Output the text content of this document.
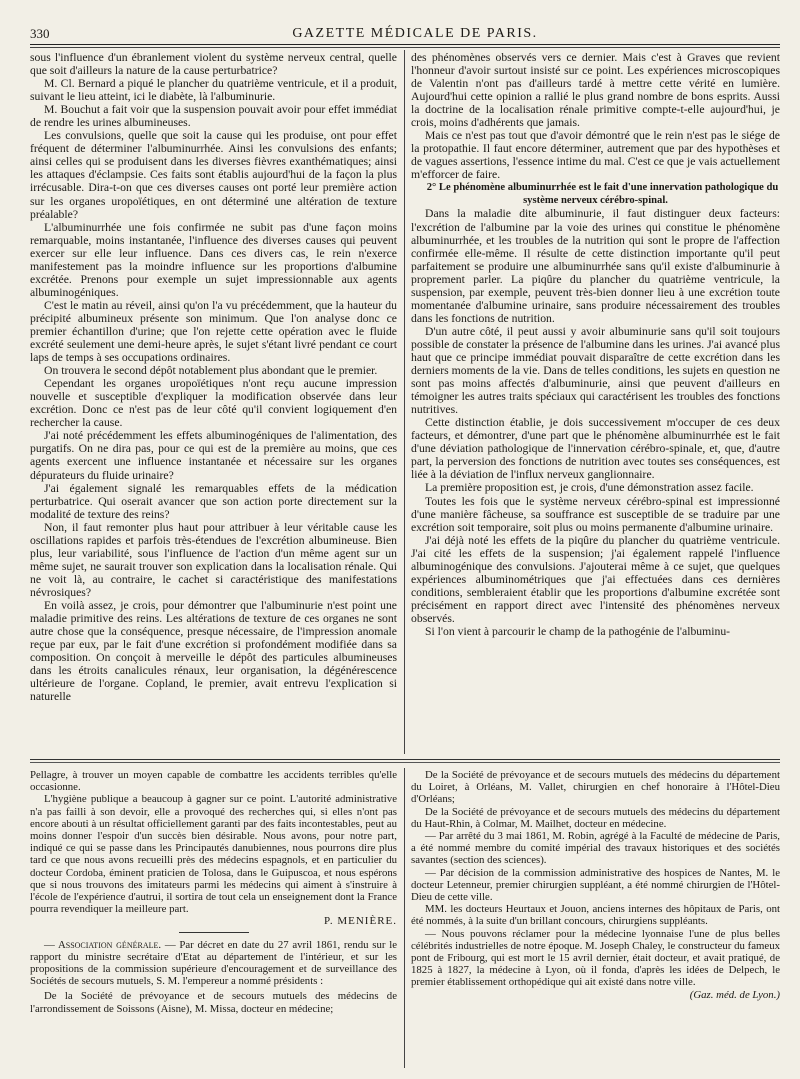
330	GAZETTE MÉDICALE DE PARIS.

sous l'influence d'un ébranlement violent du système nerveux central, quelle que soit d'ailleurs la nature de la cause perturbatrice?

M. Cl. Bernard a piqué le plancher du quatrième ventricule, et il a produit, suivant le lieu atteint, ici le diabète, là l'albuminurie.

M. Bouchut a fait voir que la suspension pouvait avoir pour effet immédiat de rendre les urines albumineuses.

Les convulsions, quelle que soit la cause qui les produise, ont pour effet fréquent de déterminer l'albuminurrhée. Ainsi les convulsions des enfants; ainsi celles qui se produisent dans les diverses fièvres exanthématiques; ainsi les attaques d'éclampsie. Ces faits sont établis aujourd'hui de la façon la plus irrécusable. Dira-t-on que ces diverses causes ont porté leur première action sur les organes uropoïétiques, en ont déterminé une altération de texture préalable?

L'albuminurrhée une fois confirmée ne subit pas d'une façon moins remarquable, moins instantanée, l'influence des diverses causes qui peuvent exercer sur elle leur influence. Dans ces divers cas, le rein n'exerce manifestement pas la moindre influence sur les proportions d'albumine excrétée. Prenons pour exemple un sujet impressionnable aux agents albuminogéniques.

C'est le matin au réveil, ainsi qu'on l'a vu précédemment, que la hauteur du précipité albumineux présente son minimum. Que l'on analyse donc ce premier échantillon d'urine; que l'on rejette cette opération avec le fluide excrété seulement une demi-heure après, le sujet s'étant livré pendant ce court laps de temps à ses occupations ordinaires.

On trouvera le second dépôt notablement plus abondant que le premier.

Cependant les organes uropoïétiques n'ont reçu aucune impression nouvelle et susceptible d'expliquer la modification observée dans leur excrétion. Donc ce n'est pas de leur côté qu'il convient logiquement d'en rechercher la cause.

J'ai noté précédemment les effets albuminogéniques de l'alimentation, des purgatifs. On ne dira pas, pour ce qui est de la première au moins, que ces agents exercent une influence instantanée et nécessaire sur les organes dépurateurs du fluide urinaire?

J'ai également signalé les remarquables effets de la médication perturbatrice. Qui oserait avancer que son action porte directement sur la modalité de texture des reins?

Non, il faut remonter plus haut pour attribuer à leur véritable cause les oscillations rapides et parfois très-étendues de l'excrétion albumineuse. Bien plus, leur variabilité, sous l'influence de l'action d'un même agent sur un même sujet, ne saurait trouver son explication dans la localisation rénale. Qui ne voit là, au contraire, le cachet si caractéristique des manifestations névrosiques?

En voilà assez, je crois, pour démontrer que l'albuminurie n'est point une maladie primitive des reins. Les altérations de texture de ces organes ne sont autre chose que la conséquence, presque nécessaire, de l'impression anomale reçue par eux, par le fait d'une excrétion si profondément modifiée dans sa composition. On conçoit à merveille le dépôt des particules albumineuses dans les étroits canalicules rénaux, leur organisation, la dégénérescence ultérieure de l'organe. Copland, le premier, avait entrevu l'explication si naturelle

des phénomènes observés vers ce dernier. Mais c'est à Graves que revient l'honneur d'avoir surtout insisté sur ce point. Les expériences microscopiques de Valentin n'ont pas d'ailleurs tardé à mettre cette vérité en lumière. Aujourd'hui cette opinion a rallié le plus grand nombre de bons esprits. Aussi la doctrine de la localisation rénale primitive compte-t-elle aujourd'hui, je crois, moins d'adhérents que jamais.

Mais ce n'est pas tout que d'avoir démontré que le rein n'est pas le siége de la protopathie. Il faut encore déterminer, autrement que par des hypothèses et de vagues assertions, l'essence intime du mal. C'est ce que je vais actuellement m'efforcer de faire.

2° Le phénomène albuminurrhée est le fait d'une innervation pathologique du système nerveux cérébro-spinal.

Dans la maladie dite albuminurie, il faut distinguer deux facteurs: l'excrétion de l'albumine par la voie des urines qui constitue le phénomène albuminurrhée, et les troubles de la nutrition qui sont le propre de l'affection confirmée elle-même. Il résulte de cette distinction importante qu'il peut parfaitement se produire une albuminurrhée sans qu'il existe d'albuminurie à proprement parler. La piqûre du plancher du quatrième ventricule, la suspension, par exemple, peuvent très-bien donner lieu à une excrétion toute momentanée d'albumine urinaire, sans produire nécessairement des troubles dans les fonctions de nutrition.

D'un autre côté, il peut aussi y avoir albuminurie sans qu'il soit toujours possible de constater la présence de l'albumine dans les urines. J'ai avancé plus haut que ce principe immédiat pouvait disparaître de cette excrétion dans les derniers moments de la vie. Dans de telles conditions, les sujets en question ne sont pas moins affectés d'albuminurie, ainsi que peuvent d'ailleurs en témoigner les autres traits spéciaux qui caractérisent les troubles des fonctions nutritives.

Cette distinction établie, je dois successivement m'occuper de ces deux facteurs, et démontrer, d'une part que le phénomène albuminurrhée est le fait d'une déviation pathologique de l'innervation cérébro-spinale, et, que, d'autre part, la perversion des fonctions de nutrition avec toutes ses conséquences, est liée à la déviation de l'influx nerveux ganglionnaire.

La première proposition est, je crois, d'une démonstration assez facile.

Toutes les fois que le système nerveux cérébro-spinal est impressionné d'une manière fâcheuse, sa souffrance est susceptible de se traduire par une excrétion soit temporaire, soit plus ou moins permanente d'albumine urinaire.

J'ai déjà noté les effets de la piqûre du plancher du quatrième ventricule. J'ai cité les effets de la suspension; j'ai également rappelé l'influence albuminogénique des convulsions. J'ajouterai même à ce sujet, que quelques expériences albuminométriques que j'ai effectuées dans ces dernières conditions, sembleraient établir que les proportions d'albumine excrétée sont précisément en rapport direct avec l'intensité des phénomènes nerveux observés.

Si l'on vient à parcourir le champ de la pathogénie de l'albuminu-

Pellagre, à trouver un moyen capable de combattre les accidents terribles qu'elle occasionne.

L'hygiène publique a beaucoup à gagner sur ce point. L'autorité administrative n'a pas failli à son devoir, elle a provoqué des recherches qui, si elles n'ont pas encore abouti à un résultat officiellement garanti par des faits incontestables, peut au moins donner l'espoir d'un succès bien désirable. Nous avons, pour notre part, indiqué ce qui se passe dans les Principautés danubiennes, nous pourrons dire plus tard ce que nous avons recueilli près des médecins espagnols, et en particulier du docteur Cordoba, éminent praticien de Tolosa, dans le Guipuscoa, et nous espérons que si nous trouvons des imitateurs parmi les médecins qui aiment à s'instruire à l'école de l'expérience d'autrui, il sortira de tout cela un enseignement dont la France pourra revendiquer la meilleure part.

P. MENIÈRE.

— Association générale. — Par décret en date du 27 avril 1861, rendu sur le rapport du ministre secrétaire d'Etat au département de l'intérieur, et sur les propositions de la commission supérieure d'encouragement et de surveillance des Sociétés de secours mutuels, S. M. l'empereur a nommé présidents :

De la Société de prévoyance et de secours mutuels des médecins de l'arrondissement de Soissons (Aisne), M. Missa, docteur en médecine;

De la Société de prévoyance et de secours mutuels des médecins du département du Loiret, à Orléans, M. Vallet, chirurgien en chef honoraire à l'Hôtel-Dieu d'Orléans;

De la Société de prévoyance et de secours mutuels des médecins du département du Haut-Rhin, à Colmar, M. Mailhet, docteur en médecine.

— Par arrêté du 3 mai 1861, M. Robin, agrégé à la Faculté de médecine de Paris, a été nommé membre du comité impérial des travaux historiques et des sociétés savantes (section des sciences).

— Par décision de la commission administrative des hospices de Nantes, M. le docteur Letenneur, premier chirurgien suppléant, a été nommé chirurgien de l'Hôtel-Dieu de cette ville.

MM. les docteurs Heurtaux et Jouon, anciens internes des hôpitaux de Paris, ont été nommés, à la suite d'un brillant concours, chirurgiens suppléants.

— Nous pouvons réclamer pour la médecine lyonnaise l'une de plus belles célébrités industrielles de notre époque. M. Joseph Chaley, le constructeur du fameux pont de Fribourg, qui est mort le 15 avril dernier, était docteur, et avait pratiqué, de 1825 à 1827, la médecine à Lyon, où il fonda, d'après les idées de Delpech, le premier établissement orthopédique qui ait existé dans notre ville.

(Gaz. méd. de Lyon.)
